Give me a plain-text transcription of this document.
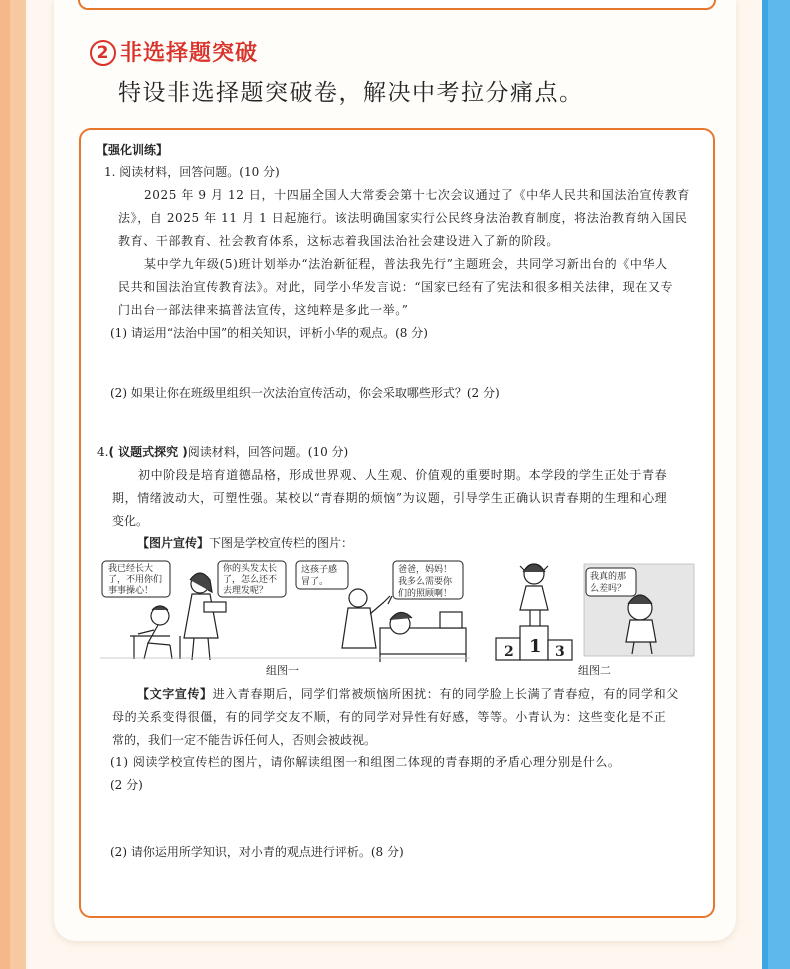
2 非选择题突破
特设非选择题突破卷，解决中考拉分痛点。
【强化训练】
1. 阅读材料，回答问题。(10 分)
2025 年 9 月 12 日，十四届全国人大常委会第十七次会议通过了《中华人民共和国法治宣传教育
法》，自 2025 年 11 月 1 日起施行。该法明确国家实行公民终身法治教育制度，将法治教育纳入国民
教育、干部教育、社会教育体系，这标志着我国法治社会建设进入了新的阶段。
某中学九年级(5)班计划举办“法治新征程，普法我先行”主题班会，共同学习新出台的《中华人
民共和国法治宣传教育法》。对此，同学小华发言说：“国家已经有了宪法和很多相关法律，现在又专
门出台一部法律来搞普法宣传，这纯粹是多此一举。”
(1) 请运用“法治中国”的相关知识，评析小华的观点。(8 分)
(2) 如果让你在班级里组织一次法治宣传活动，你会采取哪些形式？(2 分)
4.( 议题式探究 )阅读材料，回答问题。(10 分)
初中阶段是培育道德品格，形成世界观、人生观、价值观的重要时期。本学段的学生正处于青春
期，情绪波动大，可塑性强。某校以“青春期的烦恼”为议题，引导学生正确认识青春期的生理和心理
变化。
【图片宣传】下图是学校宣传栏的图片：
我已经长大
了，不用你们
事事操心！
你的头发太长
了，怎么还不
去理发呢？
这孩子感
冒了。
爸爸，妈妈！
我多么需要你
们的照顾啊！
2 1 3
我真的那
么差吗？
组图一	组图二
【文字宣传】进入青春期后，同学们常被烦恼所困扰：有的同学脸上长满了青春痘，有的同学和父
母的关系变得很僵，有的同学交友不顺，有的同学对异性有好感，等等。小青认为：这些变化是不正
常的，我们一定不能告诉任何人，否则会被歧视。
(1) 阅读学校宣传栏的图片，请你解读组图一和组图二体现的青春期的矛盾心理分别是什么。
(2 分)
(2) 请你运用所学知识，对小青的观点进行评析。(8 分)
